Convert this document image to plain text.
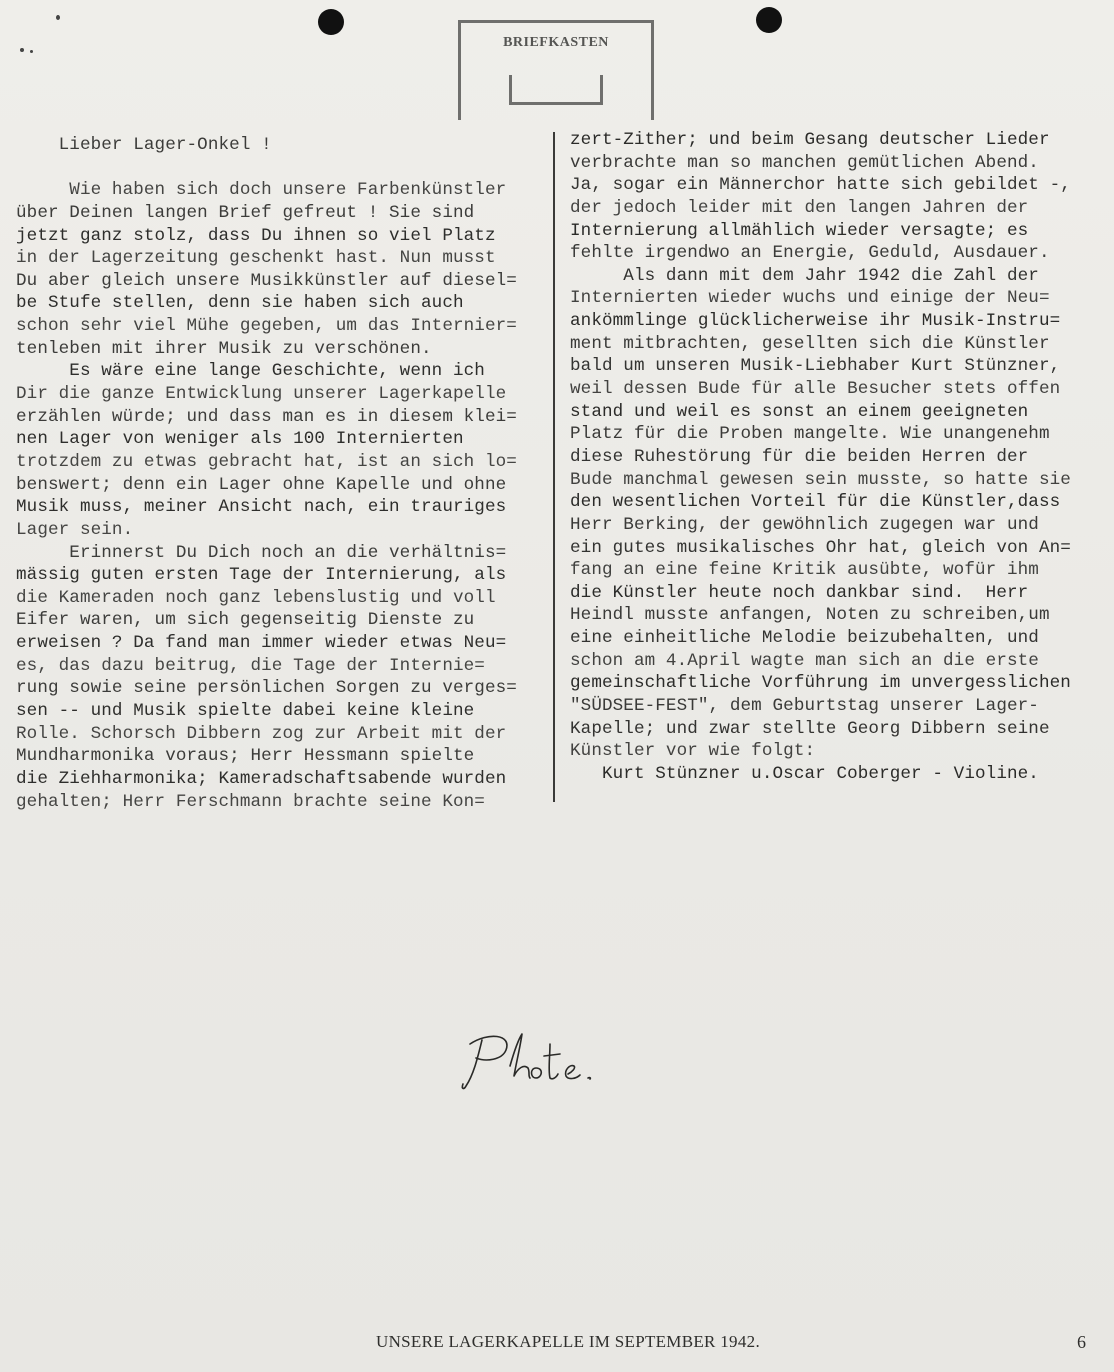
BRIEFKASTEN
Lieber Lager-Onkel !
Wie haben sich doch unsere Farbenkünstler
über Deinen langen Brief gefreut ! Sie sind
jetzt ganz stolz, dass Du ihnen so viel Platz
in der Lagerzeitung geschenkt hast. Nun musst
Du aber gleich unsere Musikkünstler auf diesel=
be Stufe stellen, denn sie haben sich auch
schon sehr viel Mühe gegeben, um das Internier=
tenleben mit ihrer Musik zu verschönen.
Es wäre eine lange Geschichte, wenn ich
Dir die ganze Entwicklung unserer Lagerkapelle
erzählen würde; und dass man es in diesem klei=
nen Lager von weniger als 100 Internierten
trotzdem zu etwas gebracht hat, ist an sich lo=
benswert; denn ein Lager ohne Kapelle und ohne
Musik muss, meiner Ansicht nach, ein trauriges
Lager sein.
Erinnerst Du Dich noch an die verhältnis=
mässig guten ersten Tage der Internierung, als
die Kameraden noch ganz lebenslustig und voll
Eifer waren, um sich gegenseitig Dienste zu
erweisen ? Da fand man immer wieder etwas Neu=
es, das dazu beitrug, die Tage der Internie=
rung sowie seine persönlichen Sorgen zu verges=
sen -- und Musik spielte dabei keine kleine
Rolle. Schorsch Dibbern zog zur Arbeit mit der
Mundharmonika voraus; Herr Hessmann spielte
die Ziehharmonika; Kameradschaftsabende wurden
gehalten; Herr Ferschmann brachte seine Kon=
zert-Zither; und beim Gesang deutscher Lieder
verbrachte man so manchen gemütlichen Abend.
Ja, sogar ein Männerchor hatte sich gebildet -,
der jedoch leider mit den langen Jahren der
Internierung allmählich wieder versagte; es
fehlte irgendwo an Energie, Geduld, Ausdauer.
Als dann mit dem Jahr 1942 die Zahl der
Internierten wieder wuchs und einige der Neu=
ankömmlinge glücklicherweise ihr Musik-Instru=
ment mitbrachten, gesellten sich die Künstler
bald um unseren Musik-Liebhaber Kurt Stünzner,
weil dessen Bude für alle Besucher stets offen
stand und weil es sonst an einem geeigneten
Platz für die Proben mangelte. Wie unangenehm
diese Ruhestörung für die beiden Herren der
Bude manchmal gewesen sein musste, so hatte sie
den wesentlichen Vorteil für die Künstler,dass
Herr Berking, der gewöhnlich zugegen war und
ein gutes musikalisches Ohr hat, gleich von An=
fang an eine feine Kritik ausübte, wofür ihm
die Künstler heute noch dankbar sind.  Herr
Heindl musste anfangen, Noten zu schreiben,um
eine einheitliche Melodie beizubehalten, und
schon am 4.April wagte man sich an die erste
gemeinschaftliche Vorführung im unvergesslichen
"SÜDSEE-FEST", dem Geburtstag unserer Lager-
Kapelle; und zwar stellte Georg Dibbern seine
Künstler vor wie folgt:
Kurt Stünzner u.Oscar Coberger - Violine.
UNSERE LAGERKAPELLE IM SEPTEMBER 1942.	6
